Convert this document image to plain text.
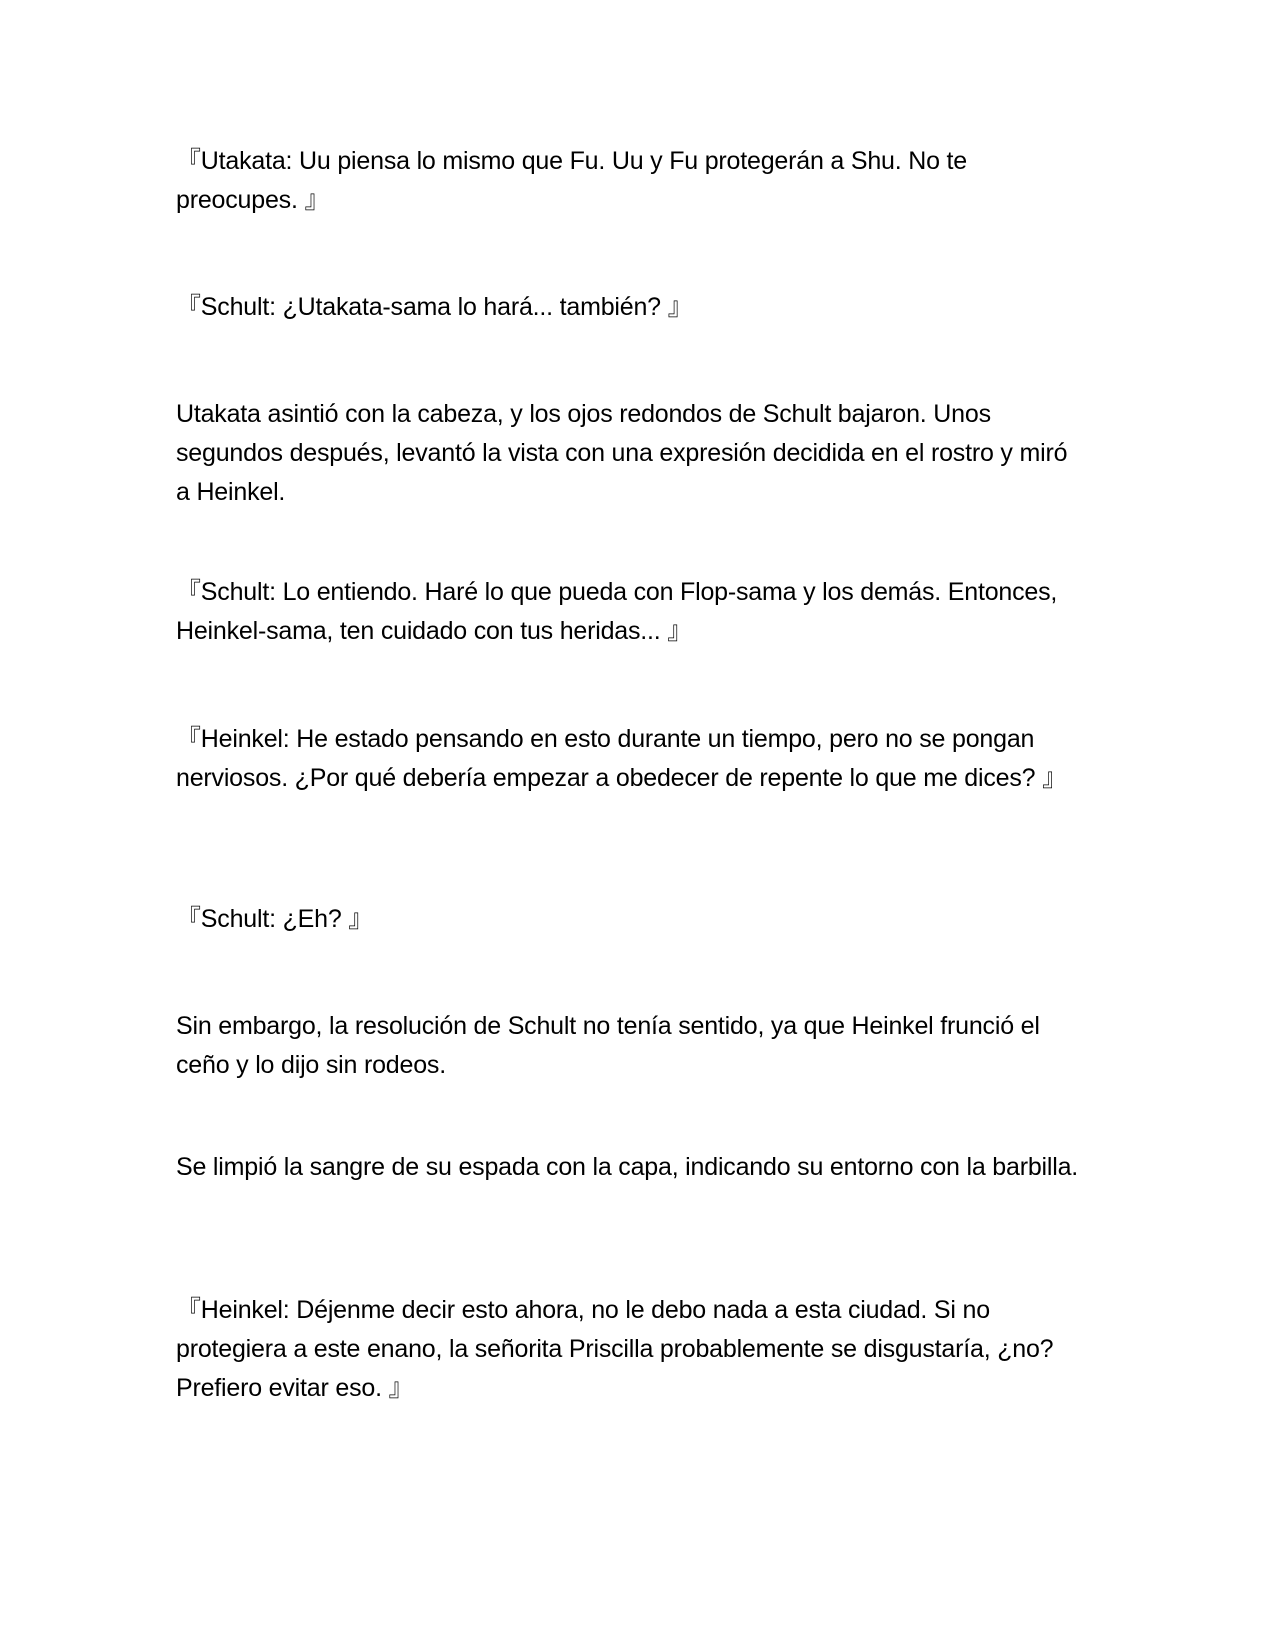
『Utakata: Uu piensa lo mismo que Fu. Uu y Fu protegerán a Shu. No te preocupes. 』

『Schult: ¿Utakata-sama lo hará... también? 』

Utakata asintió con la cabeza, y los ojos redondos de Schult bajaron. Unos segundos después, levantó la vista con una expresión decidida en el rostro y miró a Heinkel.

『Schult: Lo entiendo. Haré lo que pueda con Flop-sama y los demás. Entonces, Heinkel-sama, ten cuidado con tus heridas... 』

『Heinkel: He estado pensando en esto durante un tiempo, pero no se pongan nerviosos. ¿Por qué debería empezar a obedecer de repente lo que me dices? 』

『Schult: ¿Eh? 』

Sin embargo, la resolución de Schult no tenía sentido, ya que Heinkel frunció el ceño y lo dijo sin rodeos.

Se limpió la sangre de su espada con la capa, indicando su entorno con la barbilla.

『Heinkel: Déjenme decir esto ahora, no le debo nada a esta ciudad. Si no protegiera a este enano, la señorita Priscilla probablemente se disgustaría, ¿no? Prefiero evitar eso. 』
